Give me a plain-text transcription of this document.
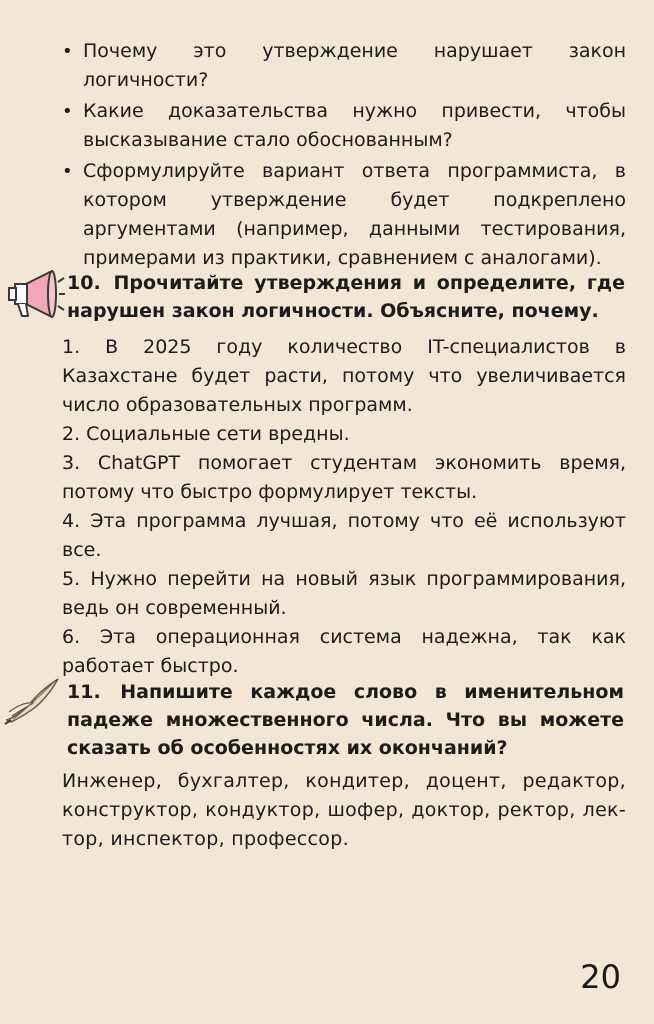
• Почему это утверждение нарушает закон логичности?
• Какие доказательства нужно привести, чтобы высказывание стало обоснованным?
• Сформулируйте вариант ответа программиста, в котором утверждение будет подкреплено аргументами (например, данными тестирования, примерами из практики, сравнением с аналогами).

10. Прочитайте утверждения и определите, где нарушен закон логичности. Объясните, почему.

1. В 2025 году количество IT-специалистов в Казахстане будет расти, потому что увеличивается число образовательных программ.

2. Социальные сети вредны.

3. ChatGPT помогает студентам экономить время, потому что быстро формулирует тексты.

4. Эта программа лучшая, потому что её используют все.

5. Нужно перейти на новый язык программирования, ведь он современный.

6. Эта операционная система надежна, так как работает быстро.

11. Напишите каждое слово в именительном падеже множественного числа. Что вы можете сказать об особенностях их окончаний?

Инженер, бухгалтер, кондитер, доцент, редактор, конструктор, кондуктор, шофер, доктор, ректор, лек-тор, инспектор, профессор.

20
